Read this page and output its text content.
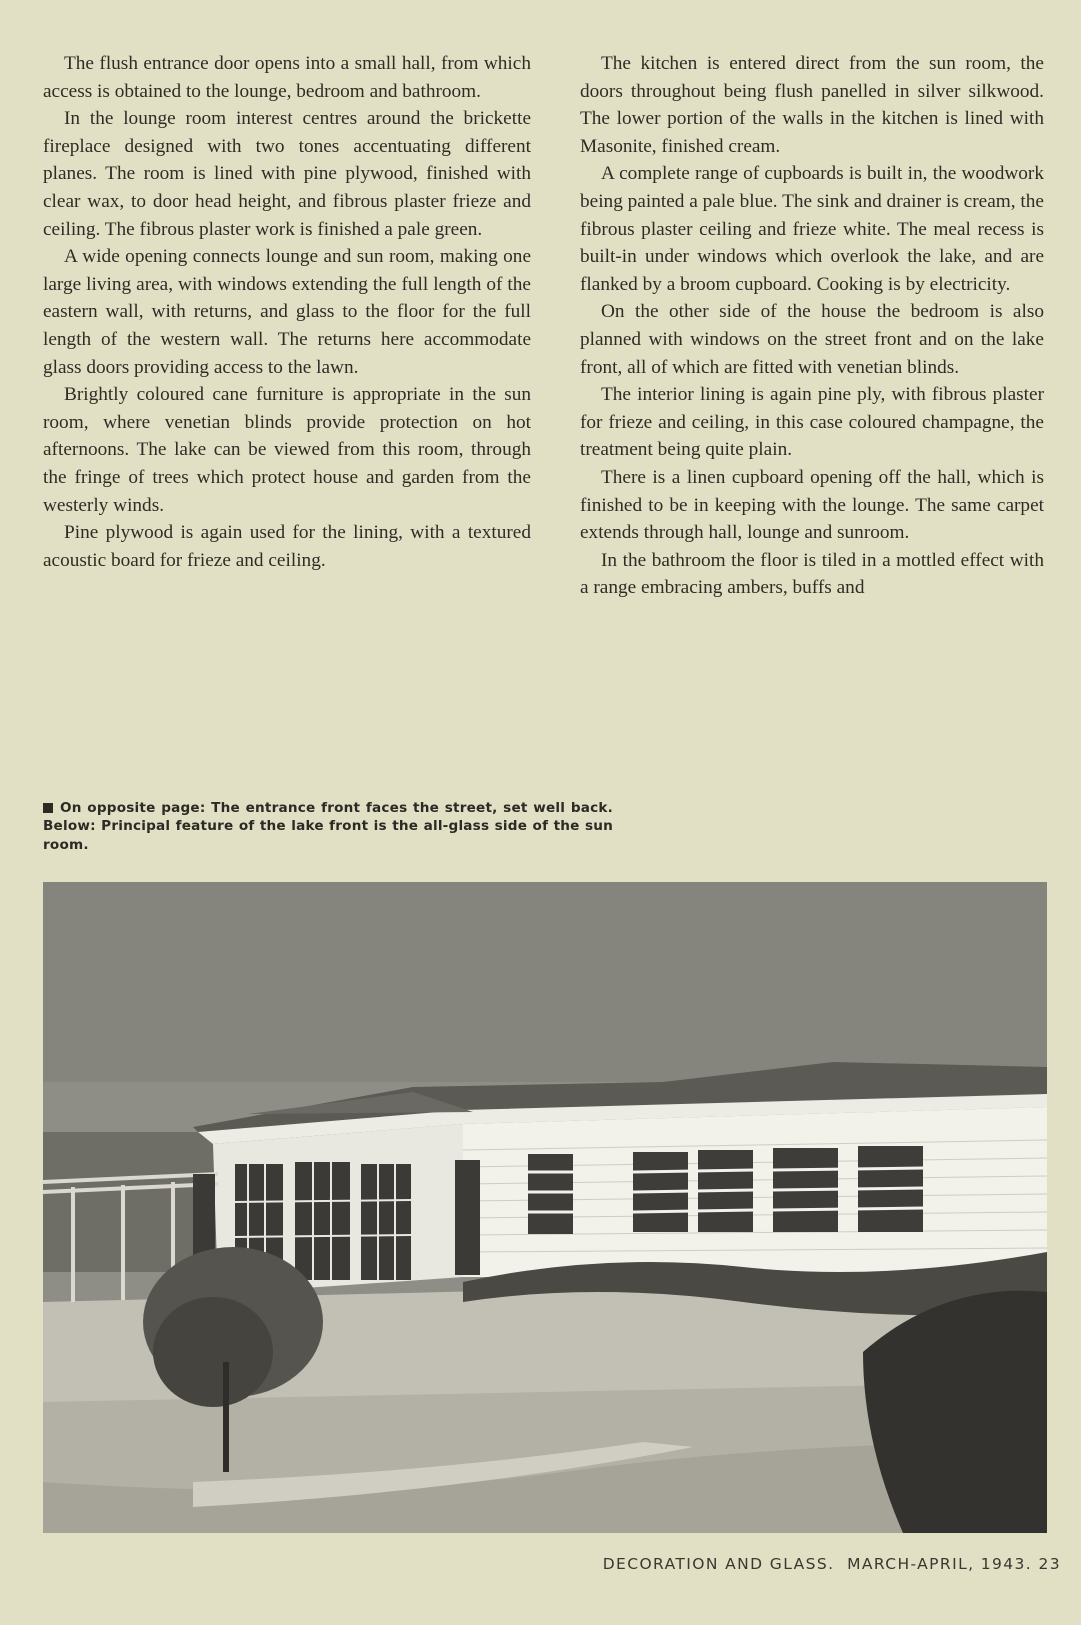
The flush entrance door opens into a small hall, from which access is obtained to the lounge, bedroom and bathroom.

In the lounge room interest centres around the brickette fireplace designed with two tones accentuating different planes. The room is lined with pine plywood, finished with clear wax, to door head height, and fibrous plaster frieze and ceiling. The fibrous plaster work is finished a pale green.

A wide opening connects lounge and sun room, making one large living area, with windows extending the full length of the eastern wall, with returns, and glass to the floor for the full length of the western wall. The returns here accommodate glass doors providing access to the lawn.

Brightly coloured cane furniture is appropriate in the sun room, where venetian blinds provide protection on hot afternoons. The lake can be viewed from this room, through the fringe of trees which protect house and garden from the westerly winds.

Pine plywood is again used for the lining, with a textured acoustic board for frieze and ceiling.

The kitchen is entered direct from the sun room, the doors throughout being flush panelled in silver silkwood. The lower portion of the walls in the kitchen is lined with Masonite, finished cream.

A complete range of cupboards is built in, the woodwork being painted a pale blue. The sink and drainer is cream, the fibrous plaster ceiling and frieze white. The meal recess is built-in under windows which overlook the lake, and are flanked by a broom cupboard. Cooking is by electricity.

On the other side of the house the bedroom is also planned with windows on the street front and on the lake front, all of which are fitted with venetian blinds.

The interior lining is again pine ply, with fibrous plaster for frieze and ceiling, in this case coloured champagne, the treatment being quite plain.

There is a linen cupboard opening off the hall, which is finished to be in keeping with the lounge. The same carpet extends through hall, lounge and sunroom.

In the bathroom the floor is tiled in a mottled effect with a range embracing ambers, buffs and

On opposite page: The entrance front faces the street, set well back. Below: Principal feature of the lake front is the all-glass side of the sun room.
DECORATION AND GLASS. MARCH-APRIL, 1943. 23
